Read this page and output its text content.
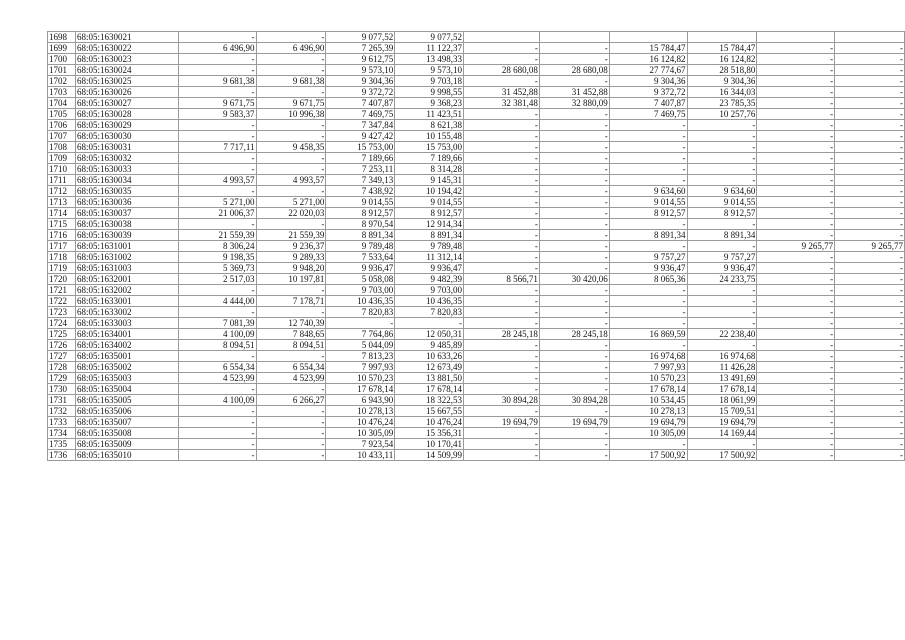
1698	68:05:1630021	-	-	9 077,52	9 077,52						
1699	68:05:1630022	6 496,90	6 496,90	7 265,39	11 122,37	-	-	15 784,47	15 784,47	-	-
1700	68:05:1630023	-	-	9 612,75	13 498,33	-	-	16 124,82	16 124,82	-	-
1701	68:05:1630024	-	-	9 573,10	9 573,10	28 680,08	28 680,08	27 774,67	28 518,80	-	-
1702	68:05:1630025	9 681,38	9 681,38	9 304,36	9 703,18	-	-	9 304,36	9 304,36	-	-
1703	68:05:1630026	-	-	9 372,72	9 998,55	31 452,88	31 452,88	9 372,72	16 344,03	-	-
1704	68:05:1630027	9 671,75	9 671,75	7 407,87	9 368,23	32 381,48	32 880,09	7 407,87	23 785,35	-	-
1705	68:05:1630028	9 583,37	10 996,38	7 469,75	11 423,51	-	-	7 469,75	10 257,76	-	-
1706	68:05:1630029	-	-	7 347,84	8 621,38	-	-	-	-	-	-
1707	68:05:1630030	-	-	9 427,42	10 155,48	-	-	-	-	-	-
1708	68:05:1630031	7 717,11	9 458,35	15 753,00	15 753,00	-	-	-	-	-	-
1709	68:05:1630032	-	-	7 189,66	7 189,66	-	-	-	-	-	-
1710	68:05:1630033	-	-	7 253,11	8 314,28	-	-	-	-	-	-
1711	68:05:1630034	4 993,57	4 993,57	7 349,13	9 145,31	-	-	-	-	-	-
1712	68:05:1630035	-	-	7 438,92	10 194,42	-	-	9 634,60	9 634,60	-	-
1713	68:05:1630036	5 271,00	5 271,00	9 014,55	9 014,55	-	-	9 014,55	9 014,55	-	-
1714	68:05:1630037	21 006,37	22 020,03	8 912,57	8 912,57	-	-	8 912,57	8 912,57	-	-
1715	68:05:1630038	-	-	8 970,54	12 914,34	-	-	-	-	-	-
1716	68:05:1630039	21 559,39	21 559,39	8 891,34	8 891,34	-	-	8 891,34	8 891,34	-	-
1717	68:05:1631001	8 306,24	9 236,37	9 789,48	9 789,48	-	-	-	-	9 265,77	9 265,77
1718	68:05:1631002	9 198,35	9 289,33	7 533,64	11 312,14	-	-	9 757,27	9 757,27	-	-
1719	68:05:1631003	5 369,73	9 948,20	9 936,47	9 936,47	-	-	9 936,47	9 936,47	-	-
1720	68:05:1632001	2 517,03	10 197,81	5 058,08	9 482,39	8 566,71	30 420,06	8 065,36	24 233,75	-	-
1721	68:05:1632002	-	-	9 703,00	9 703,00	-	-	-	-	-	-
1722	68:05:1633001	4 444,00	7 178,71	10 436,35	10 436,35	-	-	-	-	-	-
1723	68:05:1633002	-	-	7 820,83	7 820,83	-	-	-	-	-	-
1724	68:05:1633003	7 081,39	12 740,39	-	-	-	-	-	-	-	-
1725	68:05:1634001	4 100,09	7 848,65	7 764,86	12 050,31	28 245,18	28 245,18	16 869,59	22 238,40	-	-
1726	68:05:1634002	8 094,51	8 094,51	5 044,09	9 485,89	-	-	-	-	-	-
1727	68:05:1635001	-	-	7 813,23	10 633,26	-	-	16 974,68	16 974,68	-	-
1728	68:05:1635002	6 554,34	6 554,34	7 997,93	12 673,49	-	-	7 997,93	11 426,28	-	-
1729	68:05:1635003	4 523,99	4 523,99	10 570,23	13 881,50	-	-	10 570,23	13 491,69	-	-
1730	68:05:1635004	-	-	17 678,14	17 678,14	-	-	17 678,14	17 678,14	-	-
1731	68:05:1635005	4 100,09	6 266,27	6 943,90	18 322,53	30 894,28	30 894,28	10 534,45	18 061,99	-	-
1732	68:05:1635006	-	-	10 278,13	15 667,55	-	-	10 278,13	15 709,51	-	-
1733	68:05:1635007	-	-	10 476,24	10 476,24	19 694,79	19 694,79	19 694,79	19 694,79	-	-
1734	68:05:1635008	-	-	10 305,09	15 356,31	-	-	10 305,09	14 169,44	-	-
1735	68:05:1635009	-	-	7 923,54	10 170,41	-	-	-	-	-	-
1736	68:05:1635010	-	-	10 433,11	14 509,99	-	-	17 500,92	17 500,92	-	-
